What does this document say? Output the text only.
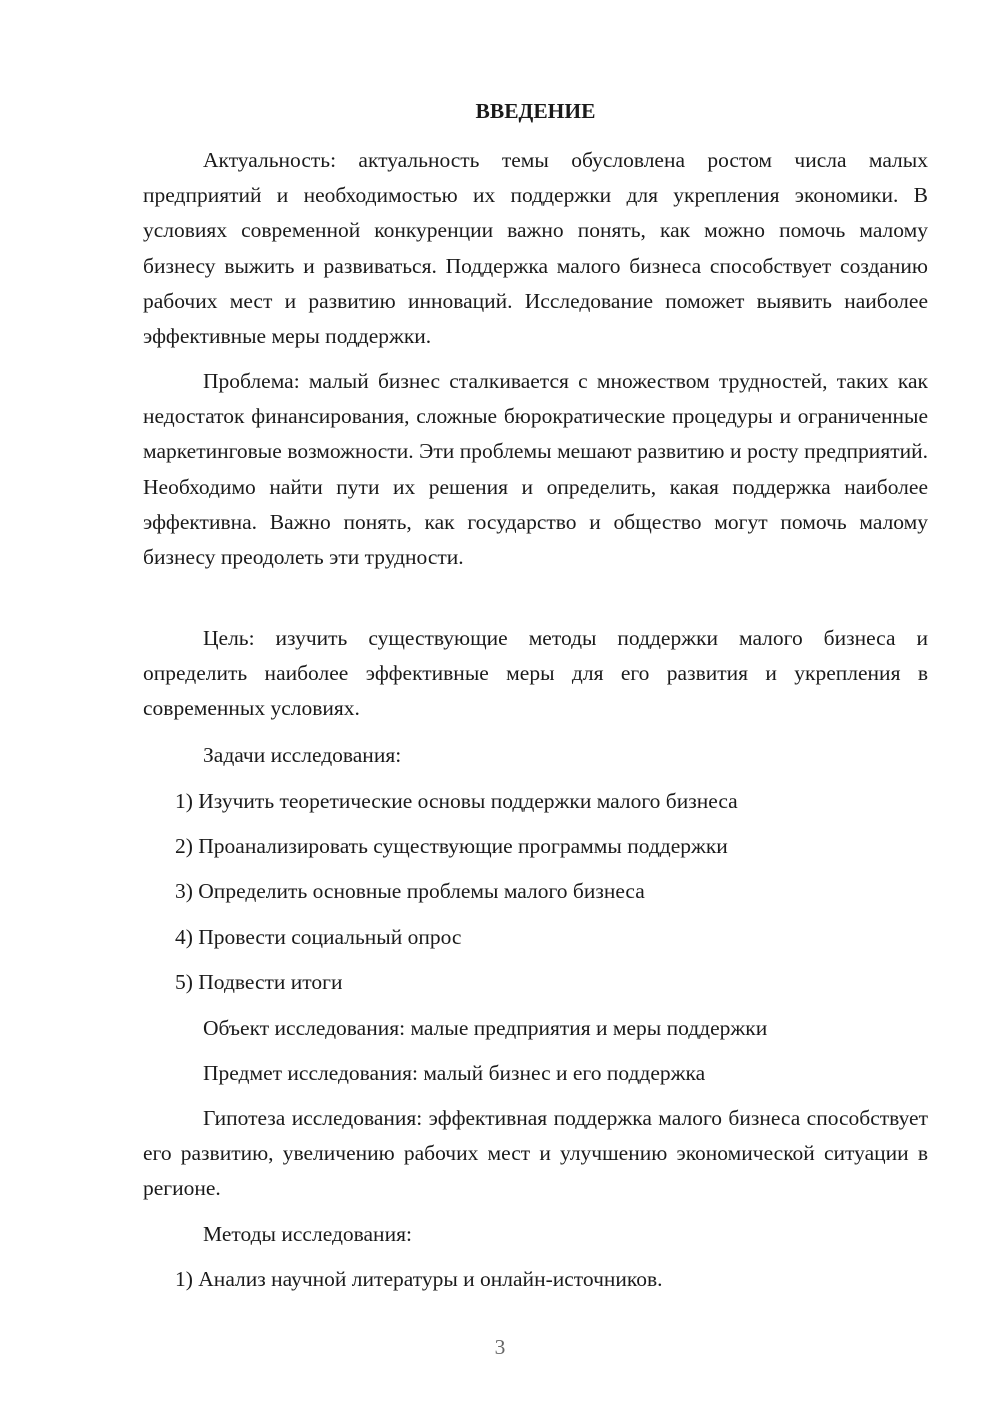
ВВЕДЕНИЕ

Актуальность: актуальность темы обусловлена ростом числа малых предприятий и необходимостью их поддержки для укрепления экономики. В условиях современной конкуренции важно понять, как можно помочь малому бизнесу выжить и развиваться. Поддержка малого бизнеса способствует созданию рабочих мест и развитию инноваций. Исследование поможет выявить наиболее эффективные меры поддержки.

Проблема: малый бизнес сталкивается с множеством трудностей, таких как недостаток финансирования, сложные бюрократические процедуры и ограниченные маркетинговые возможности. Эти проблемы мешают развитию и росту предприятий. Необходимо найти пути их решения и определить, какая поддержка наиболее эффективна. Важно понять, как государство и общество могут помочь малому бизнесу преодолеть эти трудности.

Цель: изучить существующие методы поддержки малого бизнеса и определить наиболее эффективные меры для его развития и укрепления в современных условиях.

Задачи исследования:

1) Изучить теоретические основы поддержки малого бизнеса

2) Проанализировать существующие программы поддержки

3) Определить основные проблемы малого бизнеса

4) Провести социальный опрос

5) Подвести итоги

Объект исследования: малые предприятия и меры поддержки

Предмет исследования: малый бизнес и его поддержка

Гипотеза исследования: эффективная поддержка малого бизнеса способствует его развитию, увеличению рабочих мест и улучшению экономической ситуации в регионе.

Методы исследования:

1) Анализ научной литературы и онлайн-источников.

3
